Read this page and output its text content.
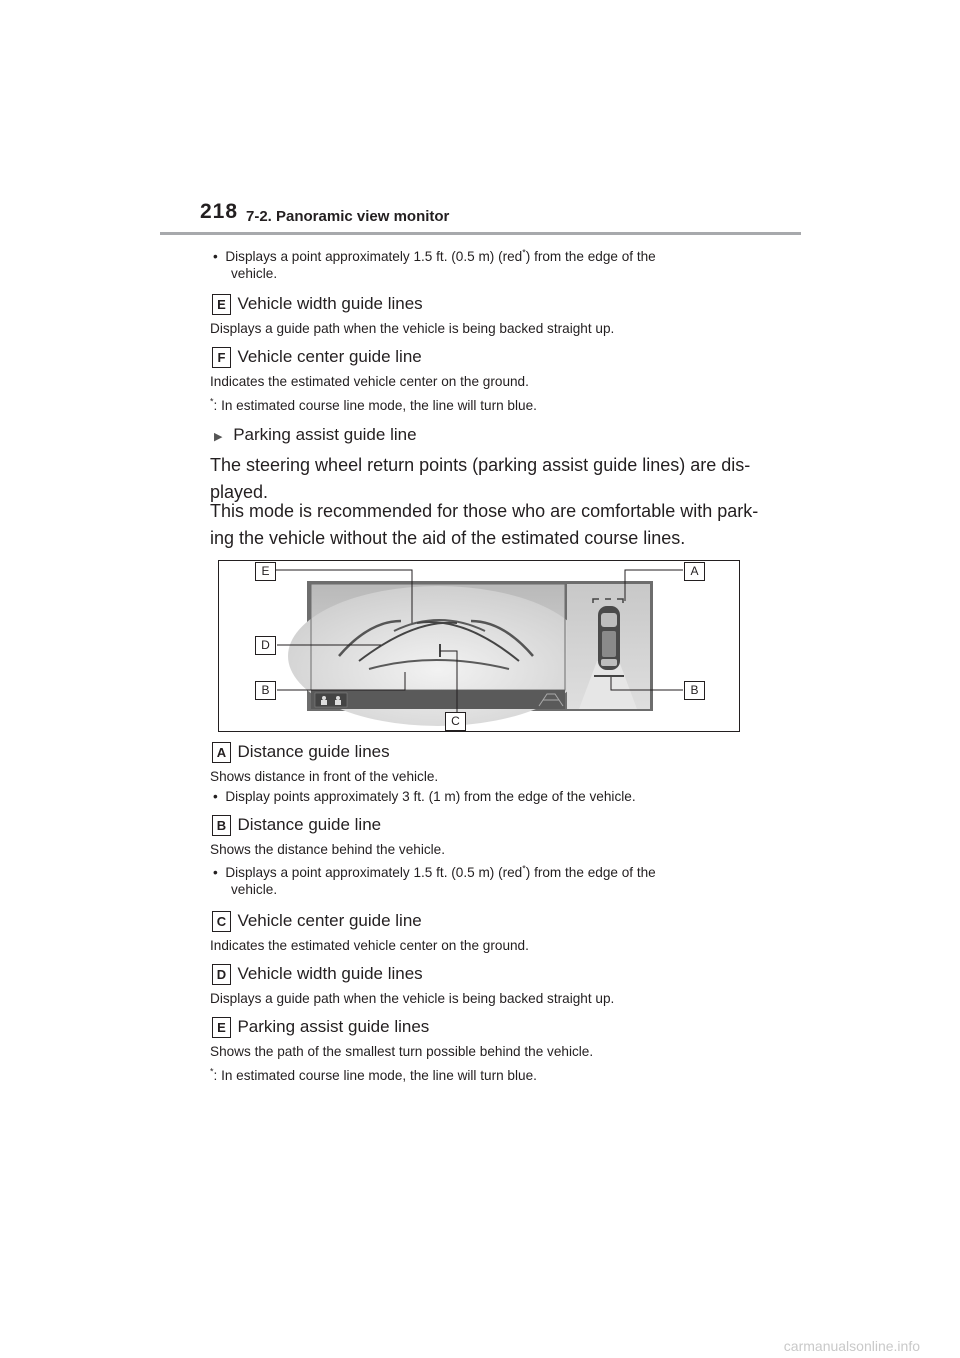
218 7-2. Panoramic view monitor
•  Displays a point approximately 1.5 ft. (0.5 m) (red*) from the edge of the
vehicle.
E Vehicle width guide lines
Displays a guide path when the vehicle is being backed straight up.
F Vehicle center guide line
Indicates the estimated vehicle center on the ground.
*: In estimated course line mode, the line will turn blue.
▶ Parking assist guide line
The steering wheel return points (parking assist guide lines) are dis-
played.
This mode is recommended for those who are comfortable with park-
ing the vehicle without the aid of the estimated course lines.
E
D
B
C
A
B
A Distance guide lines
Shows distance in front of the vehicle.
•  Display points approximately 3 ft. (1 m) from the edge of the vehicle.
B Distance guide line
Shows the distance behind the vehicle.
•  Displays a point approximately 1.5 ft. (0.5 m) (red*) from the edge of the
vehicle.
C Vehicle center guide line
Indicates the estimated vehicle center on the ground.
D Vehicle width guide lines
Displays a guide path when the vehicle is being backed straight up.
E Parking assist guide lines
Shows the path of the smallest turn possible behind the vehicle.
*: In estimated course line mode, the line will turn blue.
carmanualsonline.info
